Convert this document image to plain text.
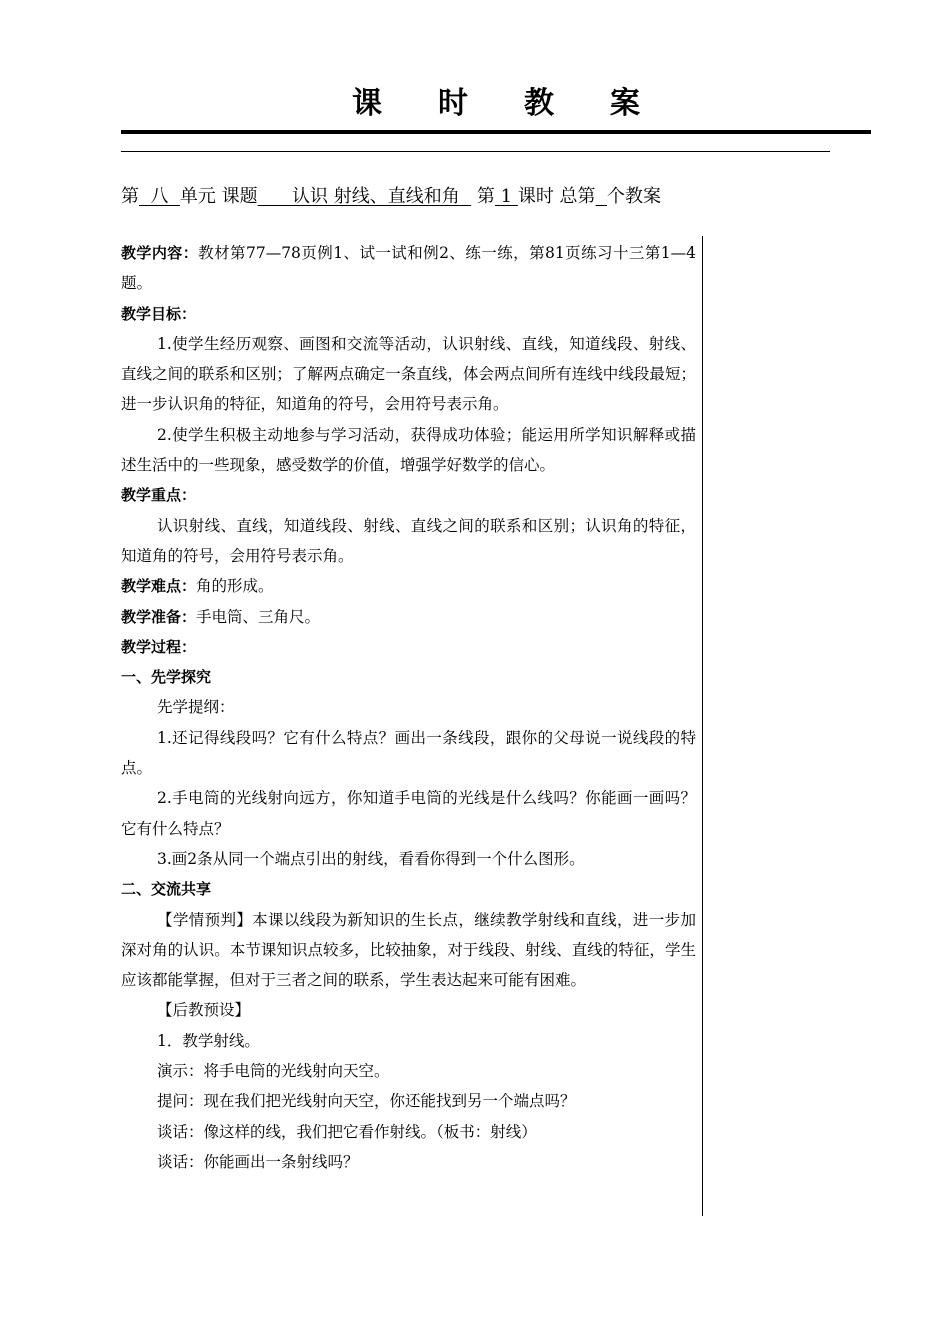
课 时 教 案
第 八 单元 课题 认识 射线、直线和角 第 1 课时 总第 个教案

教学内容：教材第77—78页例1、试一试和例2、练一练，第81页练习十三第1—4题。

教学目标：

1.使学生经历观察、画图和交流等活动，认识射线、直线，知道线段、射线、直线之间的联系和区别；了解两点确定一条直线，体会两点间所有连线中线段最短；进一步认识角的特征，知道角的符号，会用符号表示角。

2.使学生积极主动地参与学习活动，获得成功体验；能运用所学知识解释或描述生活中的一些现象，感受数学的价值，增强学好数学的信心。

教学重点：

认识射线、直线，知道线段、射线、直线之间的联系和区别；认识角的特征，知道角的符号，会用符号表示角。

教学难点：角的形成。

教学准备：手电筒、三角尺。

教学过程：

一、先学探究

先学提纲：

1.还记得线段吗？它有什么特点？画出一条线段，跟你的父母说一说线段的特点。

2.手电筒的光线射向远方，你知道手电筒的光线是什么线吗？你能画一画吗？它有什么特点？

3.画2条从同一个端点引出的射线，看看你得到一个什么图形。

二、交流共享

【学情预判】本课以线段为新知识的生长点，继续教学射线和直线，进一步加深对角的认识。本节课知识点较多，比较抽象，对于线段、射线、直线的特征，学生应该都能掌握，但对于三者之间的联系，学生表达起来可能有困难。

【后教预设】

1．教学射线。

演示：将手电筒的光线射向天空。

提问：现在我们把光线射向天空，你还能找到另一个端点吗？

谈话：像这样的线，我们把它看作射线。（板书：射线）

谈话：你能画出一条射线吗？
